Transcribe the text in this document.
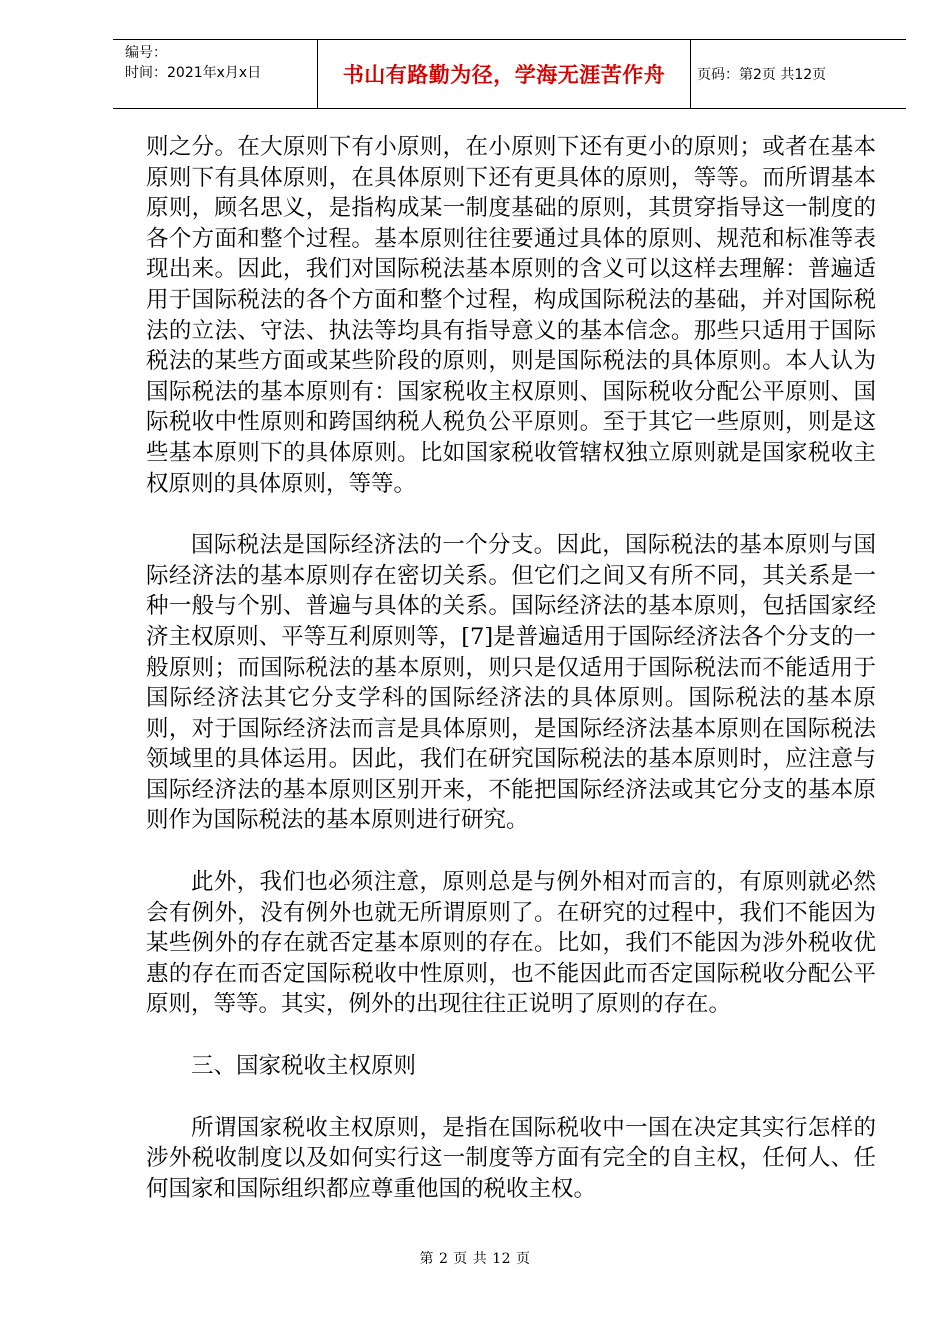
编号：
时间：2021年x月x日	书山有路勤为径，学海无涯苦作舟 页码：第2页 共12页

则之分。在大原则下有小原则，在小原则下还有更小的原则；或者在基本原则下有具体原则，在具体原则下还有更具体的原则，等等。而所谓基本原则，顾名思义，是指构成某一制度基础的原则，其贯穿指导这一制度的各个方面和整个过程。基本原则往往要通过具体的原则、规范和标准等表现出来。因此，我们对国际税法基本原则的含义可以这样去理解：普遍适用于国际税法的各个方面和整个过程，构成国际税法的基础，并对国际税法的立法、守法、执法等均具有指导意义的基本信念。那些只适用于国际税法的某些方面或某些阶段的原则，则是国际税法的具体原则。本人认为国际税法的基本原则有：国家税收主权原则、国际税收分配公平原则、国际税收中性原则和跨国纳税人税负公平原则。至于其它一些原则，则是这些基本原则下的具体原则。比如国家税收管辖权独立原则就是国家税收主权原则的具体原则，等等。

国际税法是国际经济法的一个分支。因此，国际税法的基本原则与国际经济法的基本原则存在密切关系。但它们之间又有所不同，其关系是一种一般与个别、普遍与具体的关系。国际经济法的基本原则，包括国家经济主权原则、平等互利原则等，[7]是普遍适用于国际经济法各个分支的一般原则；而国际税法的基本原则，则只是仅适用于国际税法而不能适用于国际经济法其它分支学科的国际经济法的具体原则。国际税法的基本原则，对于国际经济法而言是具体原则，是国际经济法基本原则在国际税法领域里的具体运用。因此，我们在研究国际税法的基本原则时，应注意与国际经济法的基本原则区别开来，不能把国际经济法或其它分支的基本原则作为国际税法的基本原则进行研究。

此外，我们也必须注意，原则总是与例外相对而言的，有原则就必然会有例外，没有例外也就无所谓原则了。在研究的过程中，我们不能因为某些例外的存在就否定基本原则的存在。比如，我们不能因为涉外税收优惠的存在而否定国际税收中性原则，也不能因此而否定国际税收分配公平原则，等等。其实，例外的出现往往正说明了原则的存在。

三、国家税收主权原则

所谓国家税收主权原则，是指在国际税收中一国在决定其实行怎样的涉外税收制度以及如何实行这一制度等方面有完全的自主权，任何人、任何国家和国际组织都应尊重他国的税收主权。

第 2 页 共 12 页
